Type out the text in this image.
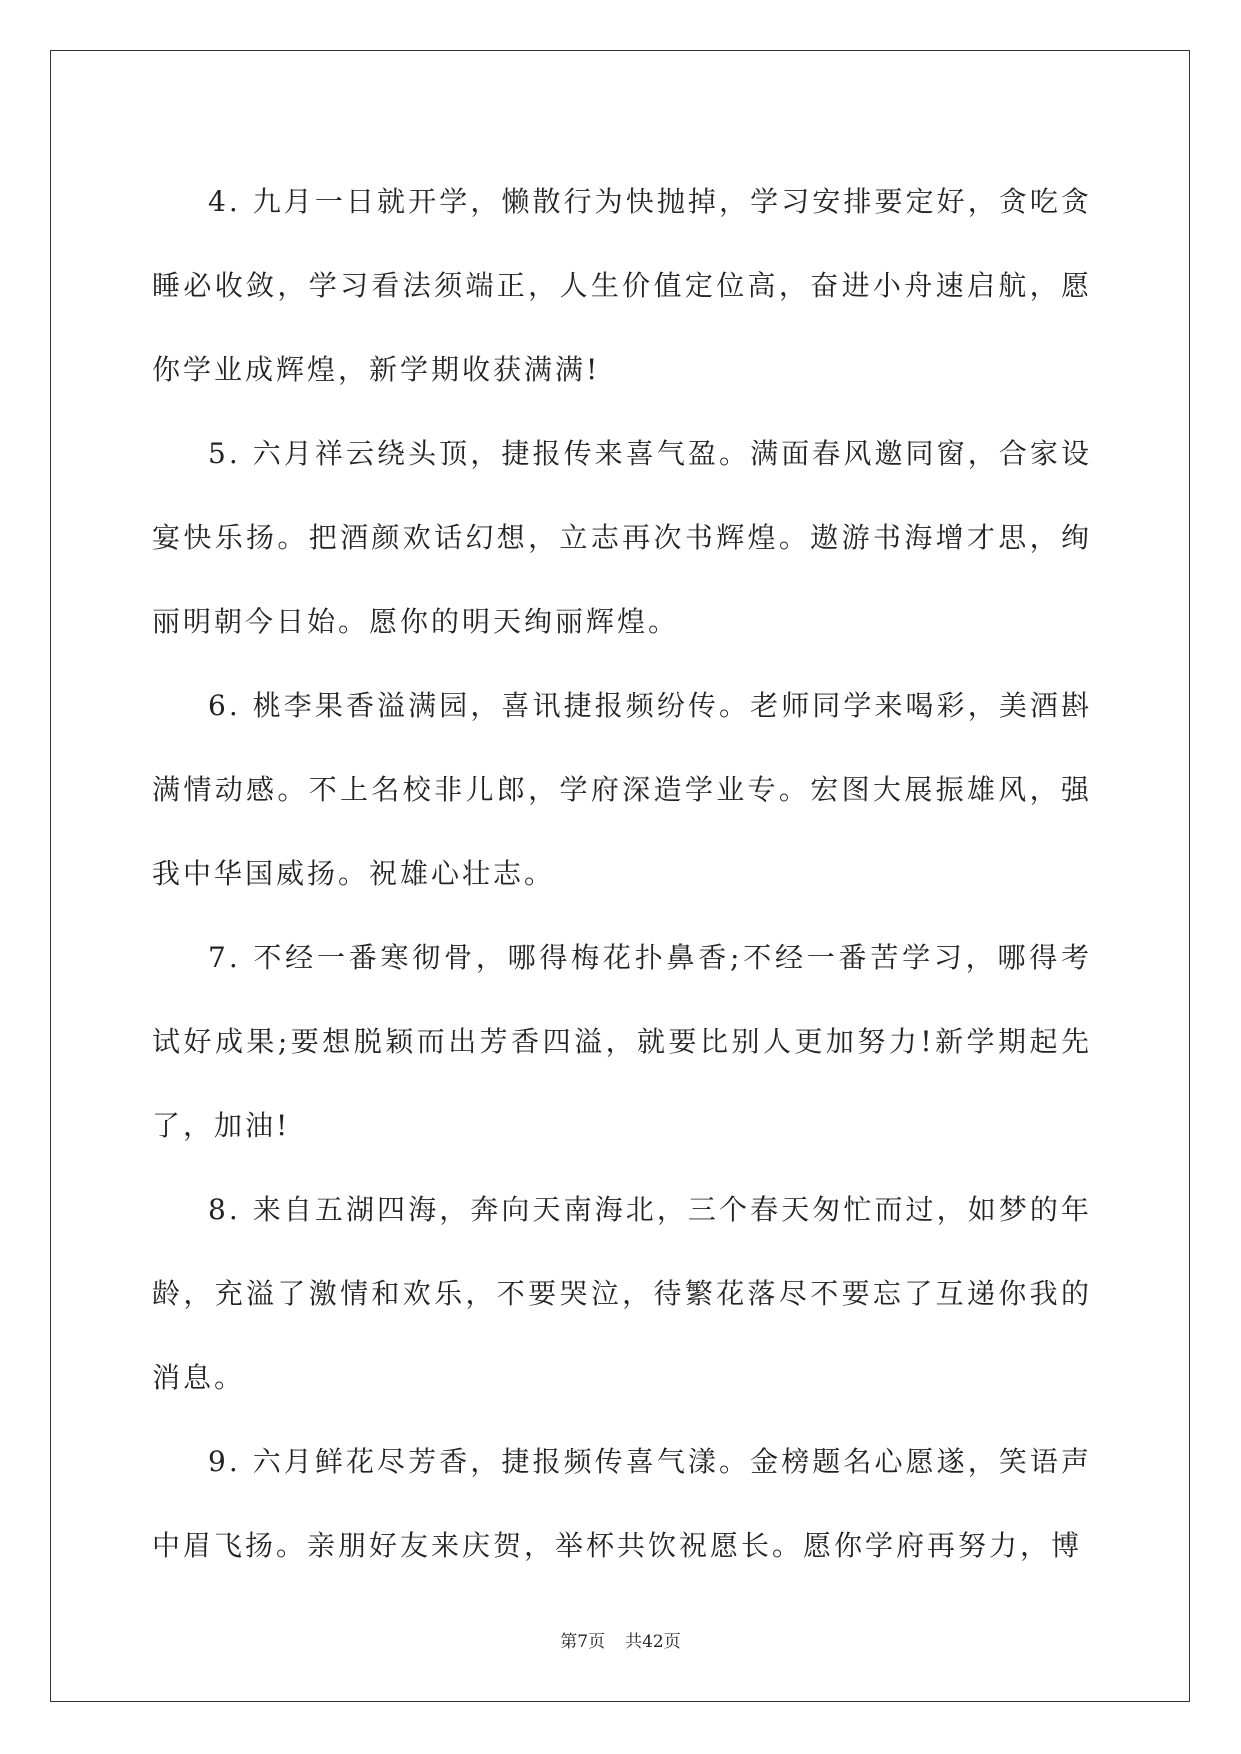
4. 九月一日就开学，懒散行为快抛掉，学习安排要定好，贪吃贪睡必收敛，学习看法须端正，人生价值定位高，奋进小舟速启航，愿你学业成辉煌，新学期收获满满!

5. 六月祥云绕头顶，捷报传来喜气盈。满面春风邀同窗，合家设宴快乐扬。把酒颜欢话幻想，立志再次书辉煌。遨游书海增才思，绚丽明朝今日始。愿你的明天绚丽辉煌。

6. 桃李果香溢满园，喜讯捷报频纷传。老师同学来喝彩，美酒斟满情动感。不上名校非儿郎，学府深造学业专。宏图大展振雄风，强我中华国威扬。祝雄心壮志。

7. 不经一番寒彻骨，哪得梅花扑鼻香;不经一番苦学习，哪得考试好成果;要想脱颖而出芳香四溢，就要比别人更加努力!新学期起先了，加油!

8. 来自五湖四海，奔向天南海北，三个春天匆忙而过，如梦的年龄，充溢了激情和欢乐，不要哭泣，待繁花落尽不要忘了互递你我的消息。

9. 六月鲜花尽芳香，捷报频传喜气漾。金榜题名心愿遂，笑语声中眉飞扬。亲朋好友来庆贺，举杯共饮祝愿长。愿你学府再努力，博

第7页 共42页
